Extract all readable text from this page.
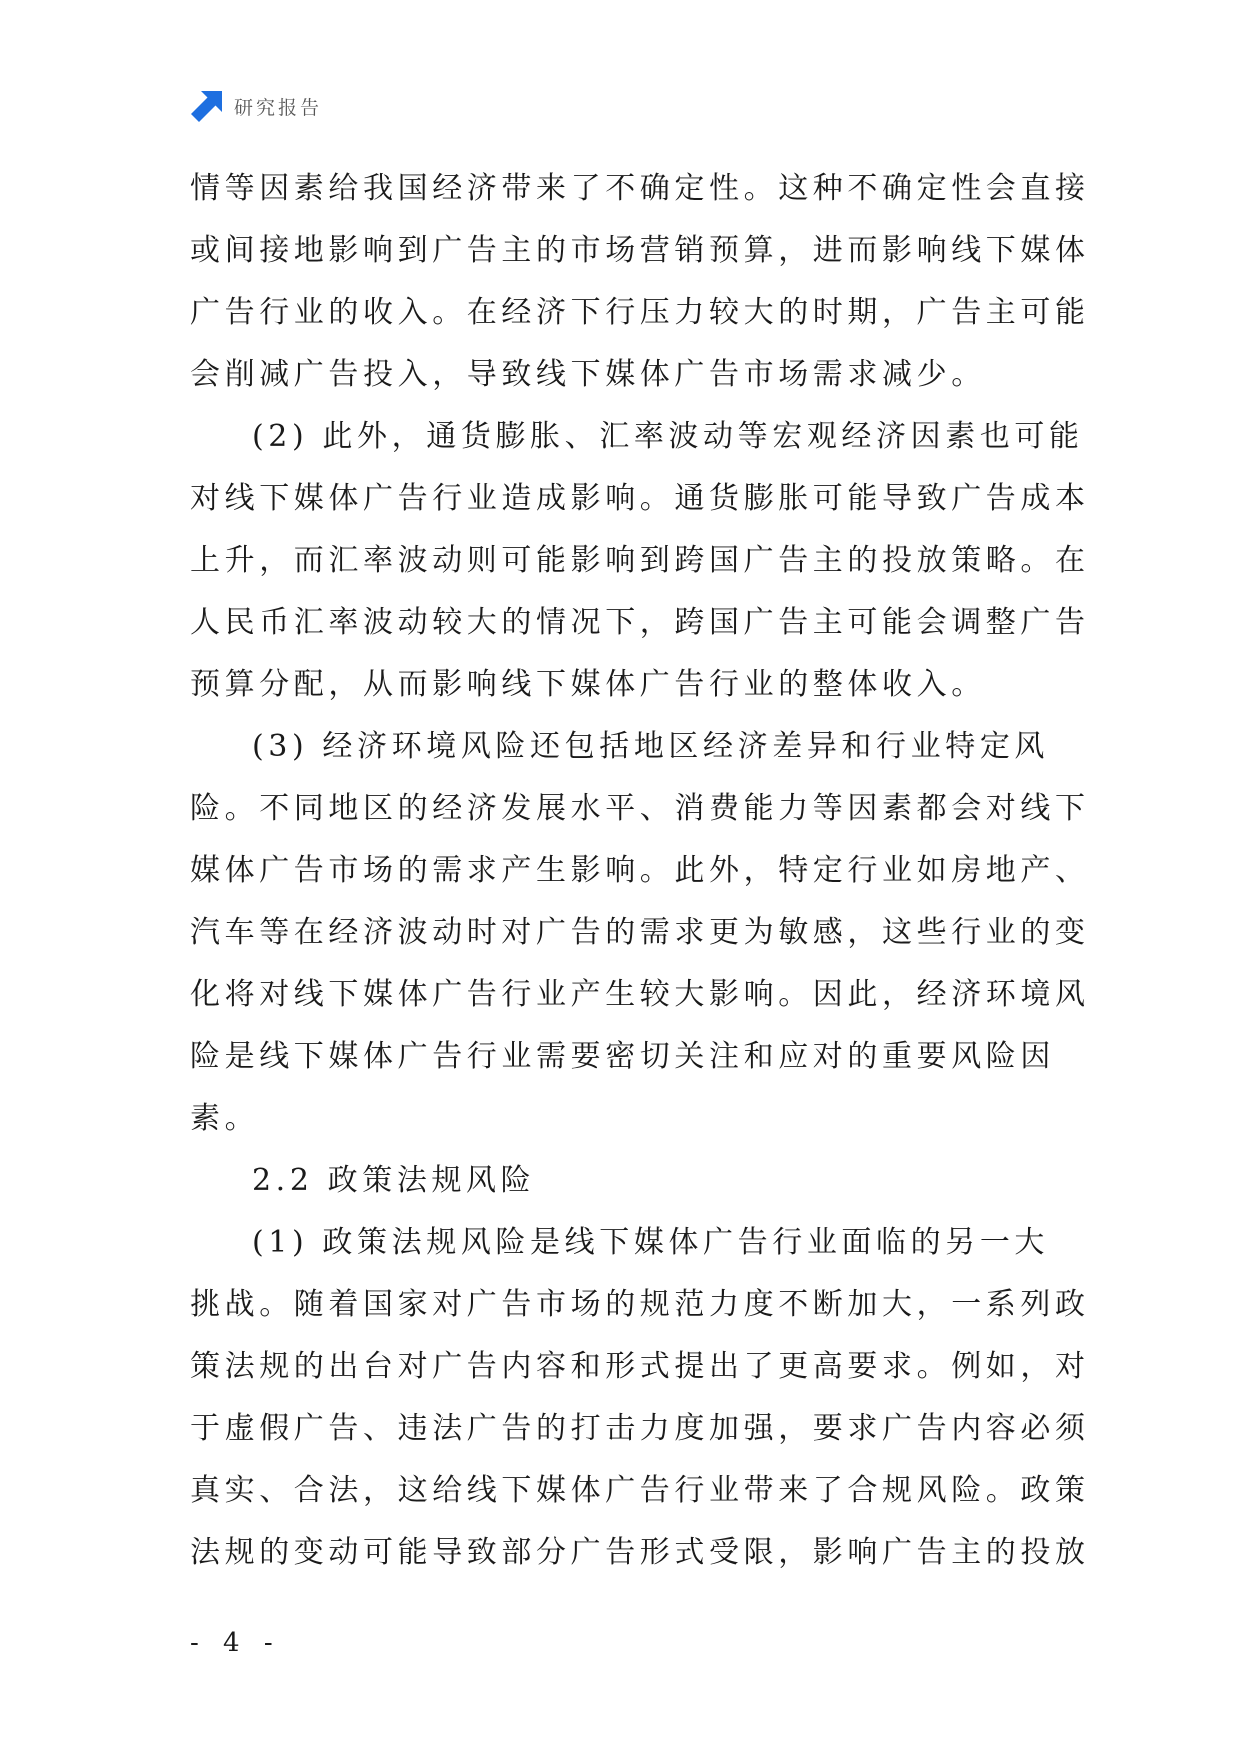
研究报告
情等因素给我国经济带来了不确定性。这种不确定性会直接
或间接地影响到广告主的市场营销预算，进而影响线下媒体
广告行业的收入。在经济下行压力较大的时期，广告主可能
会削减广告投入，导致线下媒体广告市场需求减少。
(2) 此外，通货膨胀、汇率波动等宏观经济因素也可能
对线下媒体广告行业造成影响。通货膨胀可能导致广告成本
上升，而汇率波动则可能影响到跨国广告主的投放策略。在
人民币汇率波动较大的情况下，跨国广告主可能会调整广告
预算分配，从而影响线下媒体广告行业的整体收入。
(3) 经济环境风险还包括地区经济差异和行业特定风
险。不同地区的经济发展水平、消费能力等因素都会对线下
媒体广告市场的需求产生影响。此外，特定行业如房地产、
汽车等在经济波动时对广告的需求更为敏感，这些行业的变
化将对线下媒体广告行业产生较大影响。因此，经济环境风
险是线下媒体广告行业需要密切关注和应对的重要风险因
素。
2.2 政策法规风险
(1) 政策法规风险是线下媒体广告行业面临的另一大
挑战。随着国家对广告市场的规范力度不断加大，一系列政
策法规的出台对广告内容和形式提出了更高要求。例如，对
于虚假广告、违法广告的打击力度加强，要求广告内容必须
真实、合法，这给线下媒体广告行业带来了合规风险。政策
法规的变动可能导致部分广告形式受限，影响广告主的投放
- 4 -
